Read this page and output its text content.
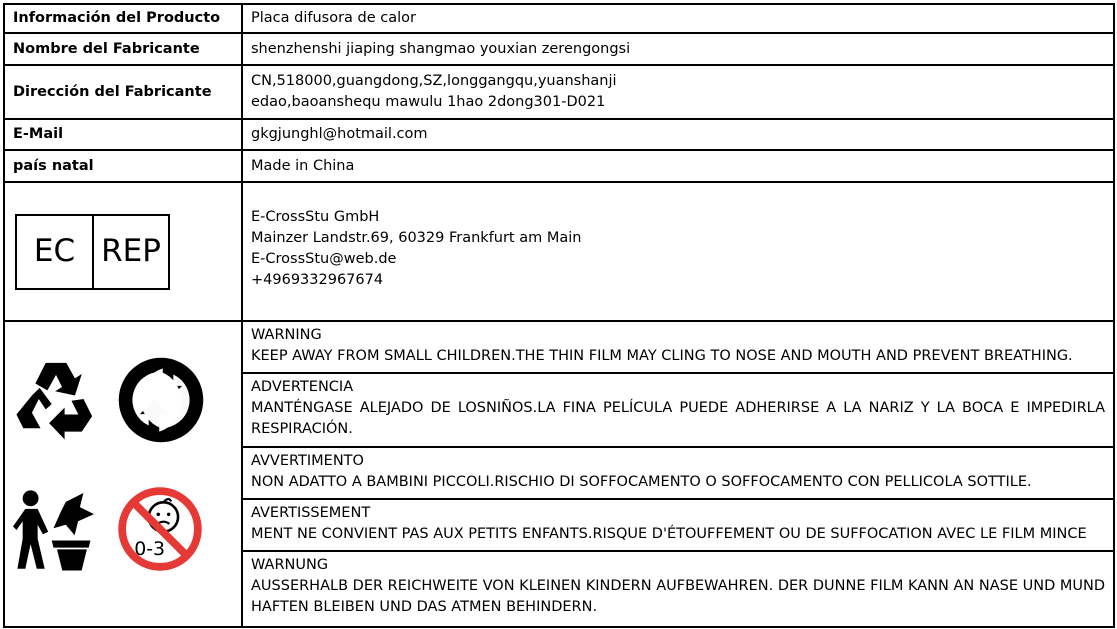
Información del Producto	Placa difusora de calor
Nombre del Fabricante	shenzhenshi jiaping shangmao youxian zerengongsi
Dirección del Fabricante	CN,518000,guangdong,SZ,longgangqu,yuanshanji
edao,baoanshequ mawulu 1hao 2dong301-D021

E-Mail	gkgjunghl@hotmail.com
país natal	Made in China

EC REP	E-CrossStu GmbH
Mainzer Landstr.69, 60329 Frankfurt am Main
E-CrossStu@web.de
+4969332967674

0-3	WARNING
KEEP AWAY FROM SMALL CHILDREN.THE THIN FILM MAY CLING TO NOSE AND MOUTH AND PREVENT BREATHING.

	ADVERTENCIA
MANTÉNGASE ALEJADO DE LOSNIÑOS.LA FINA PELÍCULA PUEDE ADHERIRSE A LA NARIZ Y LA BOCA E IMPEDIRLA RESPIRACIÓN.

	AVVERTIMENTO
NON ADATTO A BAMBINI PICCOLI.RISCHIO DI SOFFOCAMENTO O SOFFOCAMENTO CON PELLICOLA SOTTILE.

	AVERTISSEMENT
MENT NE CONVIENT PAS AUX PETITS ENFANTS.RISQUE D'ÉTOUFFEMENT OU DE SUFFOCATION AVEC LE FILM MINCE

	WARNUNG
AUSSERHALB DER REICHWEITE VON KLEINEN KINDERN AUFBEWAHREN. DER DUNNE FILM KANN AN NASE UND MUND HAFTEN BLEIBEN UND DAS ATMEN BEHINDERN.
